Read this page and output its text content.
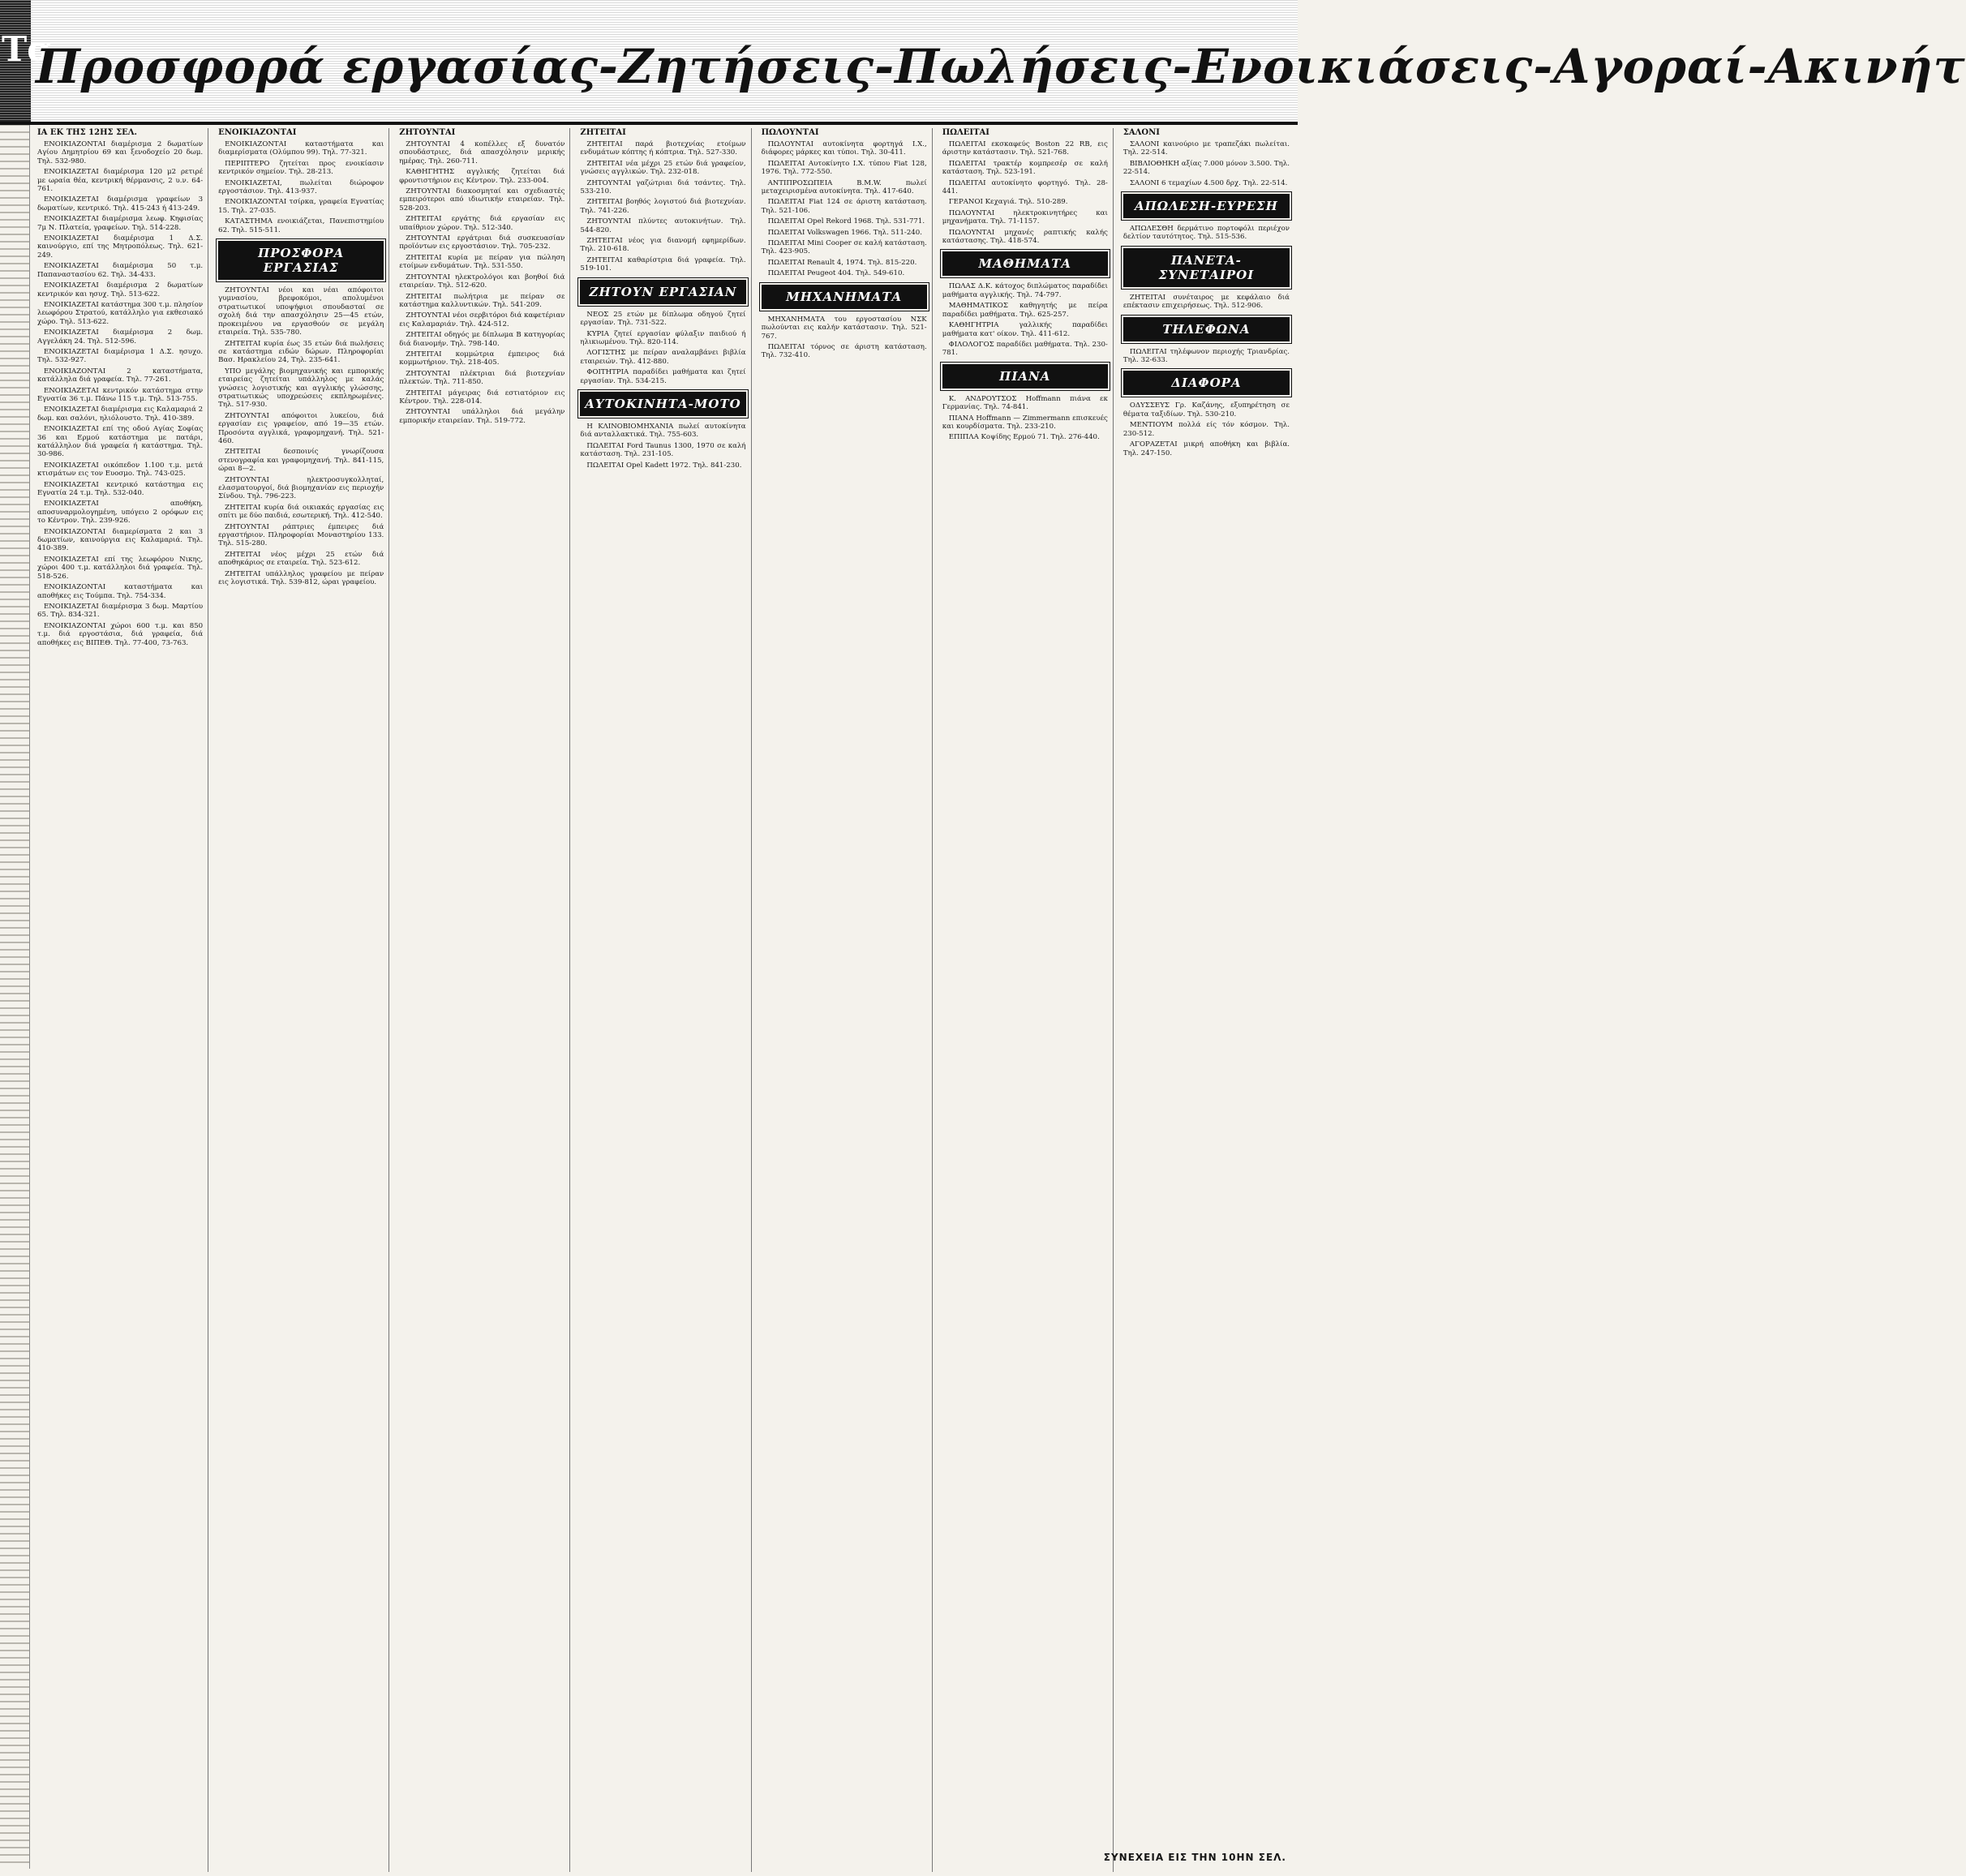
Τα
Προσφορά εργασίας-Ζητήσεις-Πωλήσεις-Ενοικιάσεις-Αγοραί-Ακινήτ
ΙΑ ΕΚ ΤΗΣ 12ΗΣ ΣΕΛ.

ΕΝΟΙΚΙΑΖΟΝΤΑΙ διαμέρισμα 2 δωματίων Αγίου Δημητρίου 69 και ξενοδοχείο 20 δωμ. Τηλ. 532-980.

ΕΝΟΙΚΙΑΖΕΤΑΙ διαμέρισμα 120 μ2 ρετιρέ με ωραία θέα, κεντρική θέρμανσις, 2 υ.ν. 64-761.

ΕΝΟΙΚΙΑΖΕΤΑΙ διαμέρισμα γραφείων 3 δωματίων, κεντρικό. Τηλ. 415-243 ή 413-249.

ΕΝΟΙΚΙΑΖΕΤΑΙ διαμέρισμα λεωφ. Κηφισίας 7μ Ν. Πλατεία, γραφείων. Τηλ. 514-228.

ΕΝΟΙΚΙΑΖΕΤΑΙ διαμέρισμα 1 Δ.Σ. καινούργιο, επί της Μητροπόλεως. Τηλ. 621-249.

ΕΝΟΙΚΙΑΖΕΤΑΙ διαμέρισμα 50 τ.μ. Παπαναστασίου 62. Τηλ. 34-433.

ΕΝΟΙΚΙΑΖΕΤΑΙ διαμέρισμα 2 δωματίων κεντρικόν και ησυχ. Τηλ. 513-622.

ΕΝΟΙΚΙΑΖΕΤΑΙ κατάστημα 300 τ.μ. πλησίον λεωφόρου Στρατού, κατάλληλο για εκθεσιακό χώρο. Τηλ. 513-622.

ΕΝΟΙΚΙΑΖΕΤΑΙ διαμέρισμα 2 δωμ. Αγγελάκη 24. Τηλ. 512-596.

ΕΝΟΙΚΙΑΖΕΤΑΙ διαμέρισμα 1 Δ.Σ. ησυχο. Τηλ. 532-927.

ΕΝΟΙΚΙΑΖΟΝΤΑΙ 2 καταστήματα, κατάλληλα διά γραφεία. Τηλ. 77-261.

ΕΝΟΙΚΙΑΖΕΤΑΙ κεντρικόν κατάστημα στην Εγνατία 36 τ.μ. Πάνω 115 τ.μ. Τηλ. 513-755.

ΕΝΟΙΚΙΑΖΕΤΑΙ διαμέρισμα εις Καλαμαριά 2 δωμ. και σαλόνι, ηλιόλουστο. Τηλ. 410-389.

ΕΝΟΙΚΙΑΖΕΤΑΙ επί της οδού Αγίας Σοφίας 36 και Ερμού κατάστημα με πατάρι, κατάλληλον διά γραφεία ή κατάστημα. Τηλ. 30-986.

ΕΝΟΙΚΙΑΖΕΤΑΙ οικόπεδον 1.100 τ.μ. μετά κτισμάτων εις τον Ευοσμο. Τηλ. 743-025.

ΕΝΟΙΚΙΑΖΕΤΑΙ κεντρικό κατάστημα εις Εγνατία 24 τ.μ. Τηλ. 532-040.

ΕΝΟΙΚΙΑΖΕΤΑΙ αποθήκη, αποσυναρμολογημένη, υπόγειο 2 ορόφων εις το Κέντρον. Τηλ. 239-926.

ΕΝΟΙΚΙΑΖΟΝΤΑΙ διαμερίσματα 2 και 3 δωματίων, καινούργια εις Καλαμαριά. Τηλ. 410-389.

ΕΝΟΙΚΙΑΖΕΤΑΙ επί της λεωφόρου Νικης, χώροι 400 τ.μ. κατάλληλοι διά γραφεία. Τηλ. 518-526.

ΕΝΟΙΚΙΑΖΟΝΤΑΙ καταστήματα και αποθήκες εις Τούμπα. Τηλ. 754-334.

ΕΝΟΙΚΙΑΖΕΤΑΙ διαμέρισμα 3 δωμ. Μαρτίου 65. Τηλ. 834-321.

ΕΝΟΙΚΙΑΖΟΝΤΑΙ χώροι 600 τ.μ. και 850 τ.μ. διά εργοστάσια, διά γραφεία, διά αποθήκες εις ΒΙΠΕΘ. Τηλ. 77-400, 73-763.

ΕΝΟΙΚΙΑΖΟΝΤΑΙ

ΕΝΟΙΚΙΑΖΟΝΤΑΙ καταστήματα και διαμερίσματα (Ολύμπου 99). Τηλ. 77-321.

ΠΕΡΙΠΤΕΡΟ ζητείται προς ενοικίασιν κεντρικόν σημείον. Τηλ. 28-213.

ΕΝΟΙΚΙΑΖΕΤΑΙ, πωλείται διώροφον εργοστάσιον. Τηλ. 413-937.

ΕΝΟΙΚΙΑΖΟΝΤΑΙ τσίρκα, γραφεία Εγνατίας 15. Τηλ. 27-035.

ΚΑΤΑΣΤΗΜΑ ενοικιάζεται, Πανεπιστημίου 62. Τηλ. 515-511.

ΠΡΟΣΦΟΡΑ ΕΡΓΑΣΙΑΣ

ΖΗΤΟΥΝΤΑΙ νέοι και νέαι απόφοιτοι γυμνασίου, βρεφοκόμοι, απολυμένοι στρατιωτικοί υποψήφιοι σπουδασταί σε σχολή διά την απασχόλησιν 25—45 ετών, προκειμένου να εργασθούν σε μεγάλη εταιρεία. Τηλ. 535-780.

ΖΗΤΕΙΤΑΙ κυρία έως 35 ετών διά πωλήσεις σε κατάστημα ειδών δώρων. Πληροφορίαι Βασ. Ηρακλείου 24, Τηλ. 235-641.

ΥΠΟ μεγάλης βιομηχανικής και εμπορικής εταιρείας ζητείται υπάλληλος με καλάς γνώσεις λογιστικής και αγγλικής γλώσσης, στρατιωτικώς υποχρεώσεις εκπληρωμένες. Τηλ. 517-930.

ΖΗΤΟΥΝΤΑΙ απόφοιτοι λυκείου, διά εργασίαν εις γραφείον, από 19—35 ετών. Προσόντα αγγλικά, γραφομηχανή. Τηλ. 521-460.

ΖΗΤΕΙΤΑΙ δεσποινίς γνωρίζουσα στενογραφία και γραφομηχανή. Τηλ. 841-115, ώραι 8—2.

ΖΗΤΟΥΝΤΑΙ ηλεκτροσυγκολληταί, ελασματουργοί, διά βιομηχανίαν εις περιοχήν Σίνδου. Τηλ. 796-223.

ΖΗΤΕΙΤΑΙ κυρία διά οικιακάς εργασίας εις σπίτι με δύο παιδιά, εσωτερική. Τηλ. 412-540.

ΖΗΤΟΥΝΤΑΙ ράπτριες έμπειρες διά εργαστήριον. Πληροφορίαι Μοναστηρίου 133. Τηλ. 515-280.

ΖΗΤΕΙΤΑΙ νέος μέχρι 25 ετών διά αποθηκάριος σε εταιρεία. Τηλ. 523-612.

ΖΗΤΕΙΤΑΙ υπάλληλος γραφείου με πείραν εις λογιστικά. Τηλ. 539-812, ώραι γραφείου.

ΖΗΤΟΥΝΤΑΙ

ΖΗΤΟΥΝΤΑΙ 4 κοπέλλες εξ δυνατόν σπουδάστριες, διά απασχόλησιν μερικής ημέρας. Τηλ. 260-711.

ΚΑΘΗΓΗΤΗΣ αγγλικής ζητείται διά φροντιστήριον εις Κέντρον. Τηλ. 233-004.

ΖΗΤΟΥΝΤΑΙ διακοσμηταί και σχεδιαστές εμπειρότεροι από ιδιωτικήν εταιρείαν. Τηλ. 528-203.

ΖΗΤΕΙΤΑΙ εργάτης διά εργασίαν εις υπαίθριον χώρον. Τηλ. 512-340.

ΖΗΤΟΥΝΤΑΙ εργάτριαι διά συσκευασίαν προϊόντων εις εργοστάσιον. Τηλ. 705-232.

ΖΗΤΕΙΤΑΙ κυρία με πείραν για πώληση ετοίμων ενδυμάτων. Τηλ. 531-550.

ΖΗΤΟΥΝΤΑΙ ηλεκτρολόγοι και βοηθοί διά εταιρείαν. Τηλ. 512-620.

ΖΗΤΕΙΤΑΙ πωλήτρια με πείραν σε κατάστημα καλλυντικών. Τηλ. 541-209.

ΖΗΤΟΥΝΤΑΙ νέοι σερβιτόροι διά καφετέριαν εις Καλαμαριάν. Τηλ. 424-512.

ΖΗΤΕΙΤΑΙ οδηγός με δίπλωμα Β κατηγορίας διά διανομήν. Τηλ. 798-140.

ΖΗΤΕΙΤΑΙ κομμώτρια έμπειρος διά κομμωτήριον. Τηλ. 218-405.

ΖΗΤΟΥΝΤΑΙ πλέκτριαι διά βιοτεχνίαν πλεκτών. Τηλ. 711-850.

ΖΗΤΕΙΤΑΙ μάγειρας διά εστιατόριον εις Κέντρον. Τηλ. 228-014.

ΖΗΤΟΥΝΤΑΙ υπάλληλοι διά μεγάλην εμπορικήν εταιρείαν. Τηλ. 519-772.

ΖΗΤΕΙΤΑΙ

ΖΗΤΕΙΤΑΙ παρά βιοτεχνίας ετοίμων ενδυμάτων κόπτης ή κόπτρια. Τηλ. 527-330.

ΖΗΤΕΙΤΑΙ νέα μέχρι 25 ετών διά γραφείον, γνώσεις αγγλικών. Τηλ. 232-018.

ΖΗΤΟΥΝΤΑΙ γαζώτριαι διά τσάντες. Τηλ. 533-210.

ΖΗΤΕΙΤΑΙ βοηθός λογιστού διά βιοτεχνίαν. Τηλ. 741-226.

ΖΗΤΟΥΝΤΑΙ πλύντες αυτοκινήτων. Τηλ. 544-820.

ΖΗΤΕΙΤΑΙ νέος για διανομή εφημερίδων. Τηλ. 210-618.

ΖΗΤΕΙΤΑΙ καθαρίστρια διά γραφεία. Τηλ. 519-101.

ΖΗΤΟΥΝ ΕΡΓΑΣΙΑΝ

ΝΕΟΣ 25 ετών με δίπλωμα οδηγού ζητεί εργασίαν. Τηλ. 731-522.

ΚΥΡΙΑ ζητεί εργασίαν φύλαξιν παιδιού ή ηλικιωμένου. Τηλ. 820-114.

ΛΟΓΙΣΤΗΣ με πείραν αναλαμβάνει βιβλία εταιρειών. Τηλ. 412-880.

ΦΟΙΤΗΤΡΙΑ παραδίδει μαθήματα και ζητεί εργασίαν. Τηλ. 534-215.

ΑΥΤΟΚΙΝΗΤΑ-ΜΟΤΟ

Η ΚΛΙΝΟΒΙΟΜΗΧΑΝΙΑ πωλεί αυτοκίνητα διά ανταλλακτικά. Τηλ. 755-603.

ΠΩΛΕΙΤΑΙ Ford Taunus 1300, 1970 σε καλή κατάσταση. Τηλ. 231-105.

ΠΩΛΕΙΤΑΙ Opel Kadett 1972. Τηλ. 841-230.

ΠΩΛΟΥΝΤΑΙ

ΠΩΛΟΥΝΤΑΙ αυτοκίνητα φορτηγά Ι.Χ., διάφορες μάρκες και τύποι. Τηλ. 30-411.

ΠΩΛΕΙΤΑΙ Αυτοκίνητο Ι.Χ. τύπου Fiat 128, 1976. Τηλ. 772-550.

ΑΝΤΙΠΡΟΣΩΠΕΙΑ B.M.W. πωλεί μεταχειρισμένα αυτοκίνητα. Τηλ. 417-640.

ΠΩΛΕΙΤΑΙ Fiat 124 σε άριστη κατάσταση. Τηλ. 521-106.

ΠΩΛΕΙΤΑΙ Opel Rekord 1968. Τηλ. 531-771.

ΠΩΛΕΙΤΑΙ Volkswagen 1966. Τηλ. 511-240.

ΠΩΛΕΙΤΑΙ Mini Cooper σε καλή κατάσταση. Τηλ. 423-905.

ΠΩΛΕΙΤΑΙ Renault 4, 1974. Τηλ. 815-220.

ΠΩΛΕΙΤΑΙ Peugeot 404. Τηλ. 549-610.

ΜΗΧΑΝΗΜΑΤΑ

ΜΗΧΑΝΗΜΑΤΑ του εργοστασίου ΝΣΚ πωλούνται εις καλήν κατάστασιν. Τηλ. 521-767.

ΠΩΛΕΙΤΑΙ τόρνος σε άριστη κατάσταση. Τηλ. 732-410.

ΠΩΛΕΙΤΑΙ

ΠΩΛΕΙΤΑΙ εκσκαφεύς Boston 22 RB, εις άριστην κατάστασιν. Τηλ. 521-768.

ΠΩΛΕΙΤΑΙ τρακτέρ κομπρεσέρ σε καλή κατάσταση. Τηλ. 523-191.

ΠΩΛΕΙΤΑΙ αυτοκίνητο φορτηγό. Τηλ. 28-441.

ΓΕΡΑΝΟΙ Κεχαγιά. Τηλ. 510-289.

ΠΩΛΟΥΝΤΑΙ ηλεκτροκινητήρες και μηχανήματα. Τηλ. 71-1157.

ΠΩΛΟΥΝΤΑΙ μηχανές ραπτικής καλής κατάστασης. Τηλ. 418-574.

ΜΑΘΗΜΑΤΑ

ΠΩΛΑΣ Δ.Κ. κάτοχος διπλώματος παραδίδει μαθήματα αγγλικής. Τηλ. 74-797.

ΜΑΘΗΜΑΤΙΚΟΣ καθηγητής με πείρα παραδίδει μαθήματα. Τηλ. 625-257.

ΚΑΘΗΓΗΤΡΙΑ γαλλικής παραδίδει μαθήματα κατ' οίκον. Τηλ. 411-612.

ΦΙΛΟΛΟΓΟΣ παραδίδει μαθήματα. Τηλ. 230-781.

ΠΙΑΝΑ

Κ. ΑΝΔΡΟΥΤΣΟΣ Hoffmann πιάνα εκ Γερμανίας. Τηλ. 74-841.

ΠΙΑΝΑ Hoffmann — Zimmermann επισκευές και κουρδίσματα. Τηλ. 233-210.

ΕΠΙΠΛΑ Κοψίδης Ερμού 71. Τηλ. 276-440.

ΣΑΛΟΝΙ

ΣΑΛΟΝΙ καινούριο με τραπεζάκι πωλείται. Τηλ. 22-514.

ΒΙΒΛΙΟΘΗΚΗ αξίας 7.000 μόνον 3.500. Τηλ. 22-514.

ΣΑΛΟΝΙ 6 τεμαχίων 4.500 δρχ. Τηλ. 22-514.

ΑΠΩΛΕΣΗ-ΕΥΡΕΣΗ

ΑΠΩΛΕΣΘΗ δερμάτινο πορτοφόλι περιέχον δελτίον ταυτότητος. Τηλ. 515-536.

ΠΑΝΕΤΑ-ΣΥΝΕΤΑΙΡΟΙ

ΖΗΤΕΙΤΑΙ συνέταιρος με κεφάλαιο διά επέκτασιν επιχειρήσεως. Τηλ. 512-906.

ΤΗΛΕΦΩΝΑ

ΠΩΛΕΙΤΑΙ τηλέφωνον περιοχής Τριανδρίας. Τηλ. 32-633.

ΔΙΑΦΟΡΑ

ΟΔΥΣΣΕΥΣ Γρ. Καζάνης, εξυπηρέτηση σε θέματα ταξιδίων. Τηλ. 530-210.

ΜΕΝΤΙΟΥΜ πολλά είς τόν κόσμον. Τηλ. 230-512.

ΑΓΟΡΑΖΕΤΑΙ μικρή αποθήκη και βιβλία. Τηλ. 247-150.

ΣΥΝΕΧΕΙΑ ΕΙΣ ΤΗΝ 10ΗΝ ΣΕΛ.
